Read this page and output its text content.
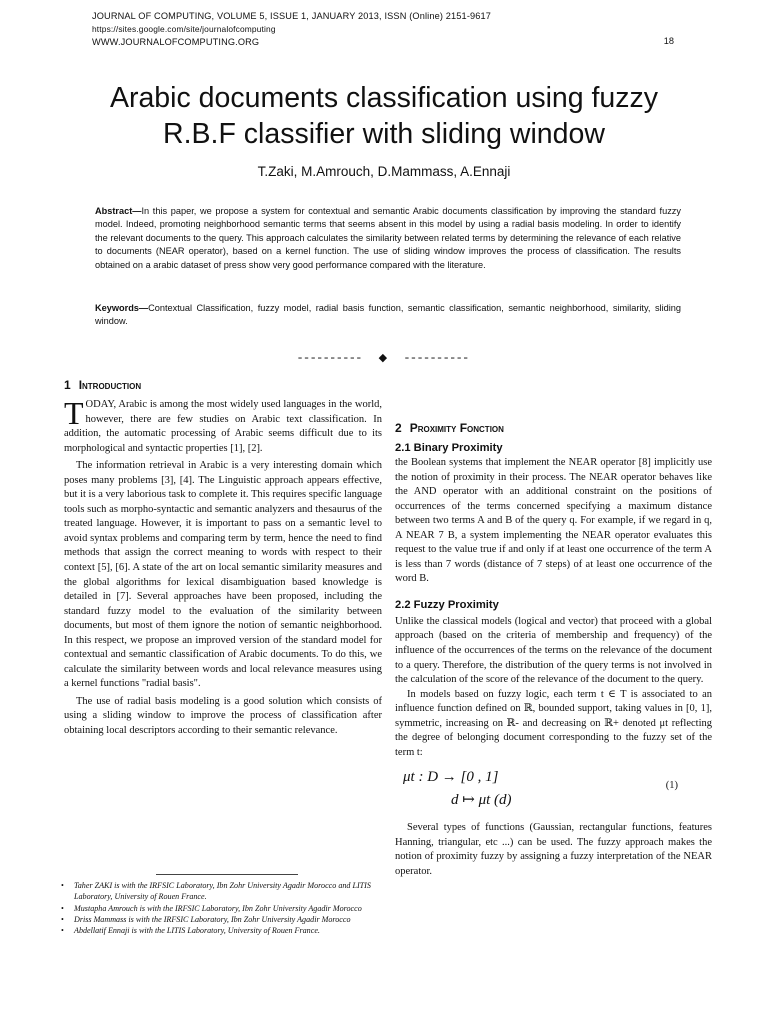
JOURNAL OF COMPUTING, VOLUME 5, ISSUE 1, JANUARY 2013, ISSN (Online) 2151-9617
https://sites.google.com/site/journalofcomputing
WWW.JOURNALOFCOMPUTING.ORG	18
Arabic documents classification using fuzzy
R.B.F classifier with sliding window
T.Zaki, M.Amrouch, D.Mammass, A.Ennaji

Abstract—In this paper, we propose a system for contextual and semantic Arabic documents classification by improving the standard fuzzy model. Indeed, promoting neighborhood semantic terms that seems absent in this model by using a radial basis modeling. In order to identify the relevant documents to the query. This approach calculates the similarity between related terms by determining the relevance of each relative to documents (NEAR operator), based on a kernel function. The use of sliding window improves the process of classification. The results obtained on a arabic dataset of press show very good performance compared with the literature.

Keywords—Contextual Classification, fuzzy model, radial basis function, semantic classification, semantic neighborhood, similarity, sliding window.

---------- ◆ ----------
1 Introduction

TODAY, Arabic is among the most widely used languages in the world, however, there are few studies on Arabic text classification. In addition, the automatic processing of Arabic seems difficult due to its morphological and syntactic properties [1], [2].

The information retrieval in Arabic is a very interesting domain which poses many problems [3], [4]. The Linguistic approach appears effective, but it is a very laborious task to complete it. This requires specific language tools such as morpho-syntactic and semantic analyzers and thesaurus of the treated language. However, it is important to pass on a semantic level to avoid syntax problems and comparing term by term, hence the need to find methods that assign the correct meaning to words with respect to their context [5], [6]. A state of the art on local semantic similarity measures and the global algorithms for lexical disambiguation based knowledge is detailed in [7]. Several approaches have been proposed, including the standard fuzzy model to the evaluation of the similarity between documents, but most of them ignore the notion of semantic neighborhood. In this respect, we propose an improved version of the standard model for contextual and semantic classification of Arabic documents. To do this, we calculate the similarity between words and local relevance measures using a kernel functions "radial basis".

The use of radial basis modeling is a good solution which consists of using a sliding window to improve the process of classification after obtaining local descriptors according to their semantic relevance.

• Taher ZAKI is with the IRFSIC Laboratory, Ibn Zohr University Agadir Morocco and LITIS Laboratory, University of Rouen France.
• Mustapha Amrouch is with the IRFSIC Laboratory, Ibn Zohr University Agadir Morocco
• Driss Mammass is with the IRFSIC Laboratory, Ibn Zohr University Agadir Morocco
• Abdellatif Ennaji is with the LITIS Laboratory, University of Rouen France.
2 Proximity Fonction
2.1 Binary Proximity

the Boolean systems that implement the NEAR operator [8] implicitly use the notion of proximity in their process. The NEAR operator behaves like the AND operator with an additional constraint on the positions of occurrences of the terms concerned specifying a maximum distance between two terms A and B of the query q. For example, if we regard in q, A NEAR 7 B, a system implementing the NEAR operator evaluates this request to the value true if and only if at least one occurrence of the term A is less than 7 words (distance of 7 steps) of at least one occurrence of the word B.

2.2 Fuzzy Proximity

Unlike the classical models (logical and vector) that proceed with a global approach (based on the criteria of membership and frequency) of the influence of the occurrences of the terms on the relevance of the document to a query. Therefore, the distribution of the query terms is not involved in the calculation of the score of the relevance of the document to the query.

In models based on fuzzy logic, each term t ∈ T is associated to an influence function defined on ℝ, bounded support, taking values in [0, 1], symmetric, increasing on ℝ- and decreasing on ℝ+ denoted μt reflecting the degree of belonging document corresponding to the fuzzy set of the term t:

μt : D → [0 , 1]
d ↦ μt (d)
(1)

Several types of functions (Gaussian, rectangular functions, features Hanning, triangular, etc ...) can be used. The fuzzy approach makes the notion of proximity fuzzy by assigning a fuzzy interpretation of the NEAR operator.
